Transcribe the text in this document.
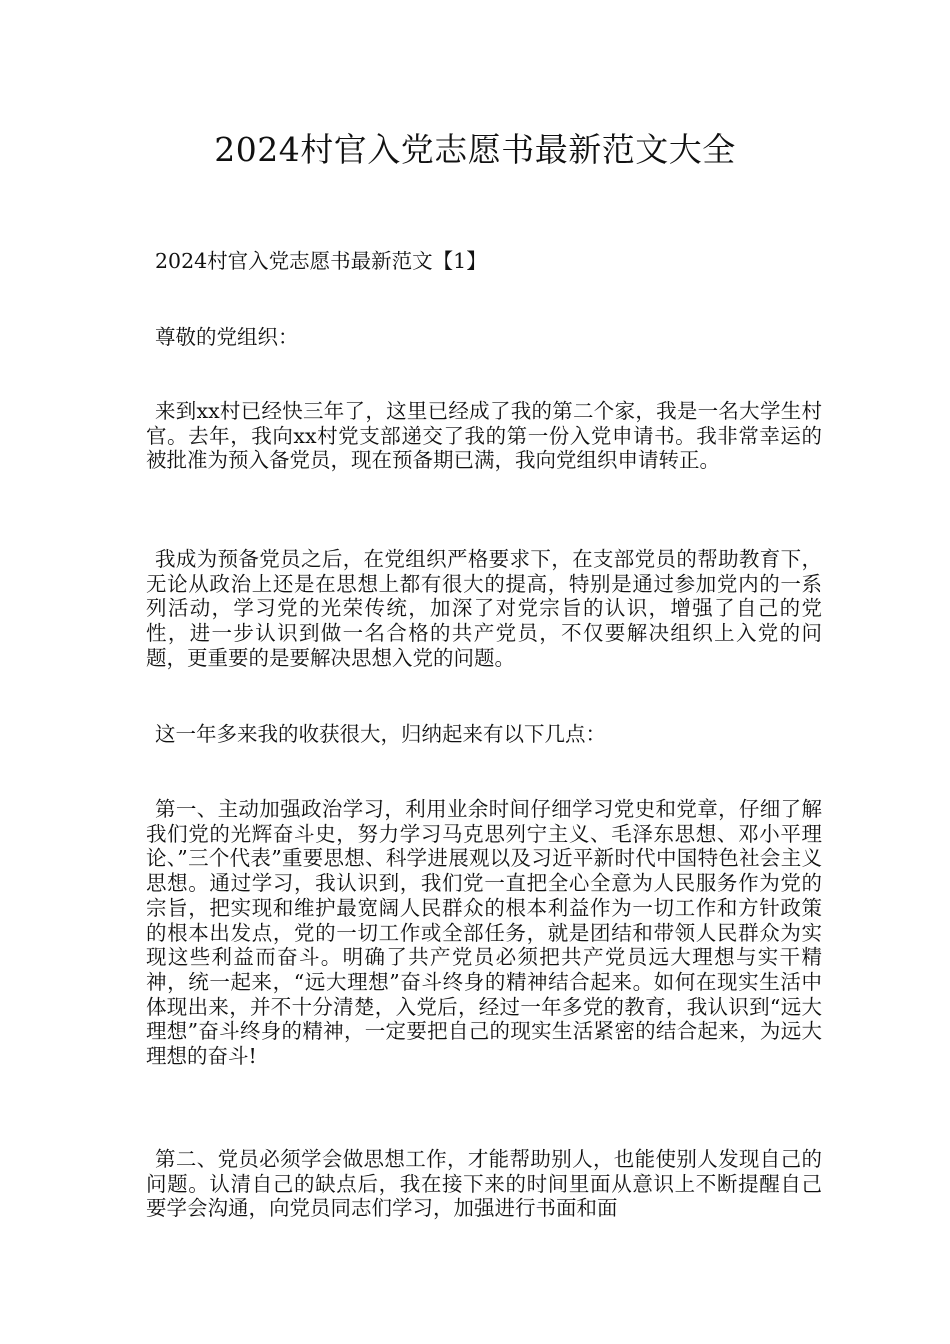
2024村官入党志愿书最新范文大全

2024村官入党志愿书最新范文【1】

尊敬的党组织：

来到xx村已经快三年了，这里已经成了我的第二个家，我是一名大学生村官。去年，我向xx村党支部递交了我的第一份入党申请书。我非常幸运的被批准为预入备党员，现在预备期已满，我向党组织申请转正。

我成为预备党员之后，在党组织严格要求下，在支部党员的帮助教育下，无论从政治上还是在思想上都有很大的提高，特别是通过参加党内的一系列活动，学习党的光荣传统，加深了对党宗旨的认识，增强了自己的党性，进一步认识到做一名合格的共产党员，不仅要解决组织上入党的问题，更重要的是要解决思想入党的问题。

这一年多来我的收获很大，归纳起来有以下几点：

第一、主动加强政治学习，利用业余时间仔细学习党史和党章，仔细了解我们党的光辉奋斗史，努力学习马克思列宁主义、毛泽东思想、邓小平理论、”三个代表”重要思想、科学进展观以及习近平新时代中国特色社会主义思想。通过学习，我认识到，我们党一直把全心全意为人民服务作为党的宗旨，把实现和维护最宽阔人民群众的根本利益作为一切工作和方针政策的根本出发点，党的一切工作或全部任务，就是团结和带领人民群众为实现这些利益而奋斗。明确了共产党员必须把共产党员远大理想与实干精神，统一起来，“远大理想”奋斗终身的精神结合起来。如何在现实生活中体现出来，并不十分清楚，入党后，经过一年多党的教育，我认识到“远大理想”奋斗终身的精神，一定要把自己的现实生活紧密的结合起来，为远大理想的奋斗!

第二、党员必须学会做思想工作，才能帮助别人，也能使别人发现自己的问题。认清自己的缺点后，我在接下来的时间里面从意识上不断提醒自己要学会沟通，向党员同志们学习，加强进行书面和面
